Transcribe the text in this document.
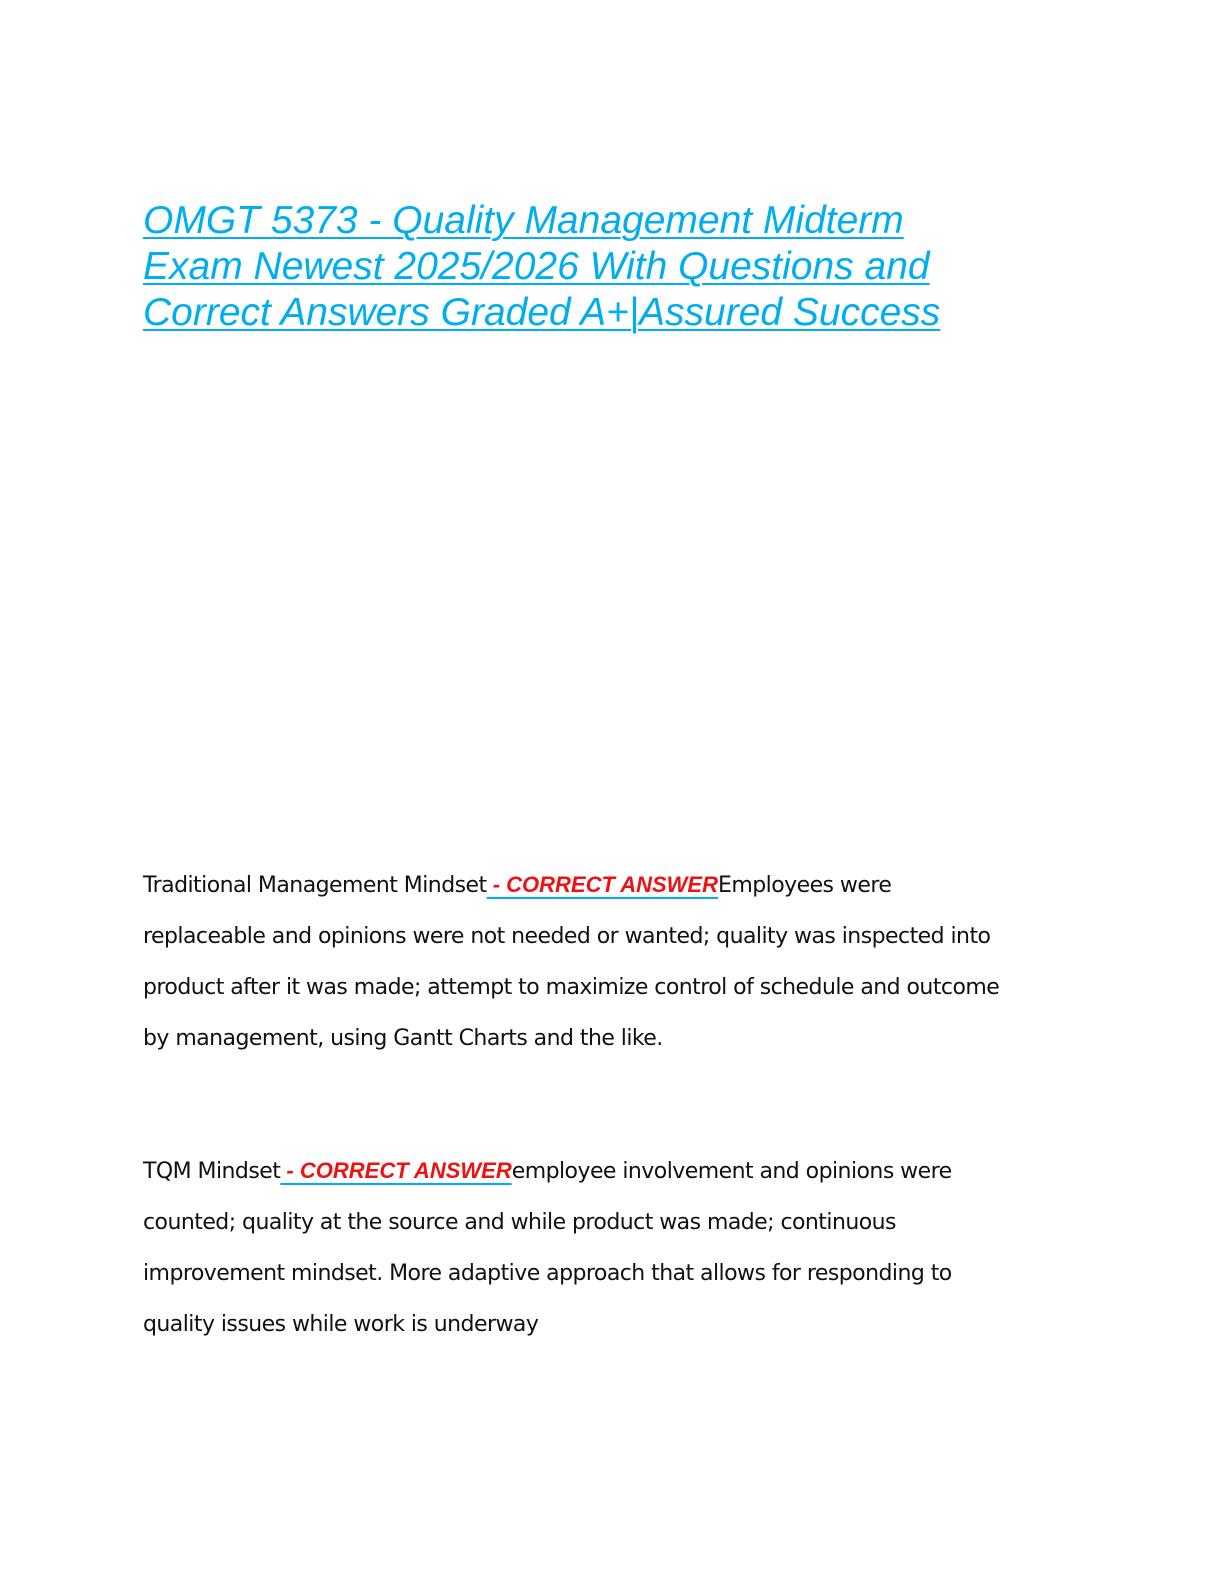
OMGT 5373 - Quality Management Midterm
Exam Newest 2025/2026 With Questions and
Correct Answers Graded A+|Assured Success

Traditional Management Mindset - CORRECT ANSWEREmployees were
replaceable and opinions were not needed or wanted; quality was inspected into
product after it was made; attempt to maximize control of schedule and outcome
by management, using Gantt Charts and the like.

TQM Mindset - CORRECT ANSWERemployee involvement and opinions were
counted; quality at the source and while product was made; continuous
improvement mindset. More adaptive approach that allows for responding to
quality issues while work is underway
